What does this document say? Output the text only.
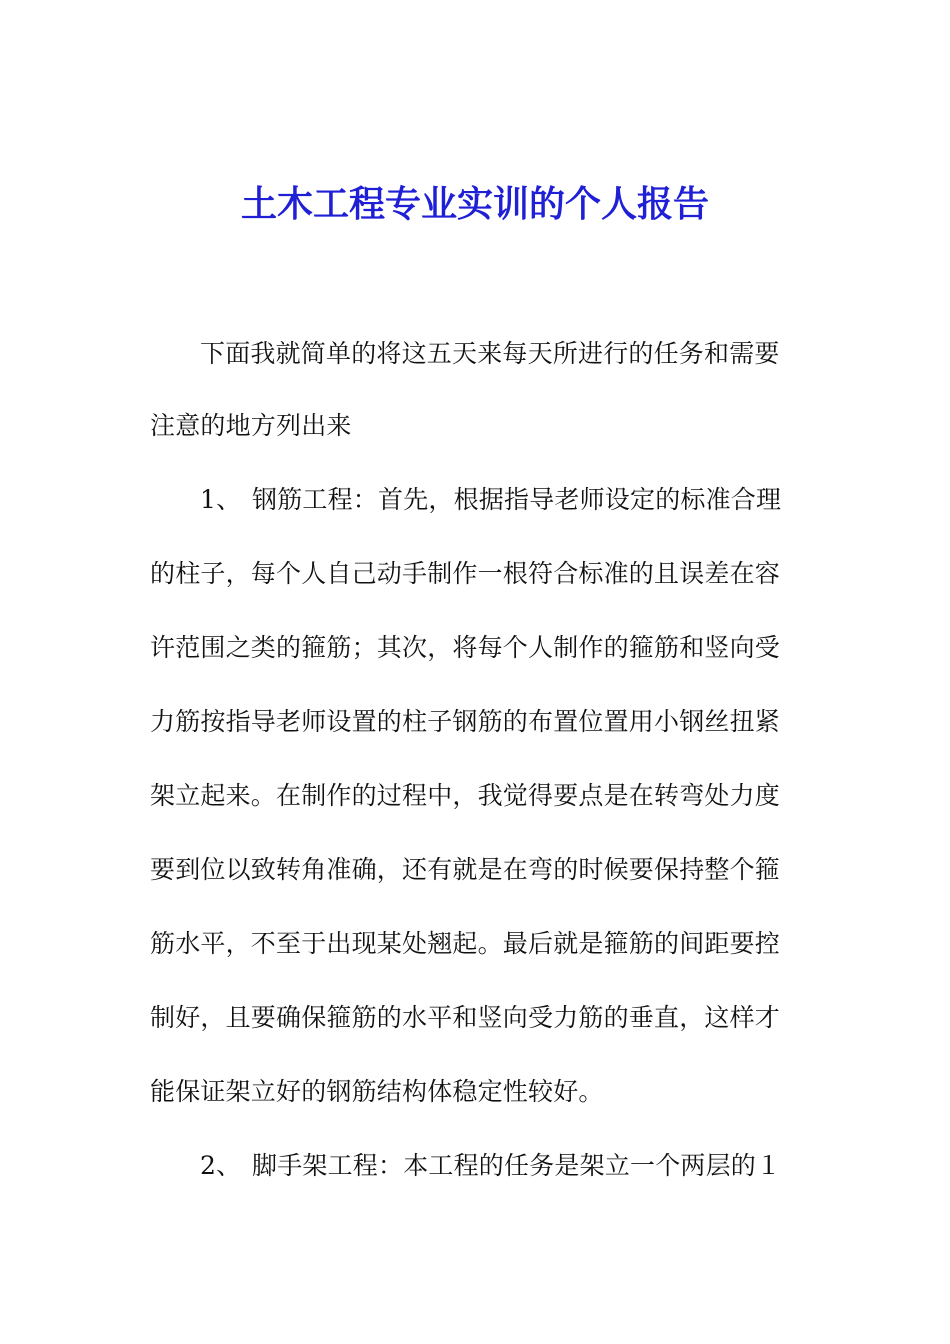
土木工程专业实训的个人报告
下面我就简单的将这五天来每天所进行的任务和需要
注意的地方列出来
1、 钢筋工程：首先，根据指导老师设定的标准合理
的柱子，每个人自己动手制作一根符合标准的且误差在容
许范围之类的箍筋；其次，将每个人制作的箍筋和竖向受
力筋按指导老师设置的柱子钢筋的布置位置用小钢丝扭紧
架立起来。在制作的过程中，我觉得要点是在转弯处力度
要到位以致转角准确，还有就是在弯的时候要保持整个箍
筋水平，不至于出现某处翘起。最后就是箍筋的间距要控
制好，且要确保箍筋的水平和竖向受力筋的垂直，这样才
能保证架立好的钢筋结构体稳定性较好。
2、 脚手架工程：本工程的任务是架立一个两层的１
